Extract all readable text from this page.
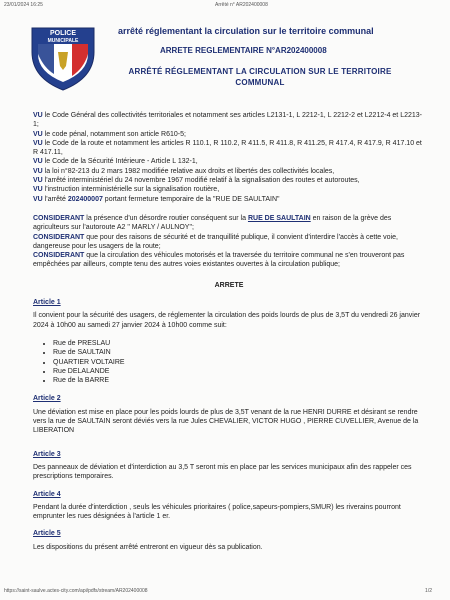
23/01/2024 16:25	Arrêté n° AR202400008
POLICE
MUNICIPALE
arrêté réglementant la circulation sur le territoire communal
ARRETE REGLEMENTAIRE N°AR202400008
ARRÊTÉ RÉGLEMENTANT LA CIRCULATION SUR LE TERRITOIRE COMMUNAL
VU le Code Général des collectivités territoriales et notamment ses articles L2131-1, L 2212-1, L 2212-2 et L2212-4 et L2213-1;
VU le code pénal, notamment son article R610-5;
VU le Code de la route et notamment les articles R 110.1, R 110.2, R 411.5, R 411.8, R 411.25, R 417.4, R 417.9, R 417.10 et R 417.11,
VU le Code de la Sécurité Intérieure - Article L 132-1,
VU la loi n°82-213 du 2 mars 1982 modifiée relative aux droits et libertés des collectivités locales,
VU l'arrêté interministériel du 24 novembre 1967 modifié relatif à la signalisation des routes et autoroutes,
VU l'instruction interministérielle sur la signalisation routière,
VU l'arrêté 202400007 portant fermeture temporaire de la "RUE DE SAULTAIN"
CONSIDERANT la présence d'un désordre routier conséquent sur la RUE DE SAULTAIN en raison de la grève des agriculteurs sur l'autoroute A2 " MARLY / AULNOY";
CONSIDERANT que pour des raisons de sécurité et de tranquillité publique, il convient d'interdire l'accès à cette voie, dangereuse pour les usagers de la route;
CONSIDERANT que la circulation des véhicules motorisés et la traversée du territoire communal ne s'en trouveront pas empêchées par ailleurs, compte tenu des autres voies existantes ouvertes à la circulation publique;
ARRETE
Article 1
Il convient pour la sécurité des usagers, de réglementer la circulation des poids lourds de plus de 3,5T du vendredi 26 janvier 2024 à 10h00 au samedi 27 janvier 2024 à 10h00 comme suit:
• Rue de PRESLAU
• Rue de SAULTAIN
• QUARTIER VOLTAIRE
• Rue DELALANDE
• Rue de la BARRE
Article 2
Une déviation est mise en place pour les poids lourds de plus de 3,5T venant de la rue HENRI DURRE et désirant se rendre vers la rue de SAULTAIN seront déviés vers la rue Jules CHEVALIER, VICTOR HUGO , PIERRE CUVELLIER, Avenue de la LIBERATION
Article 3
Des panneaux de déviation et d'interdiction au 3,5 T seront mis en place par les services municipaux afin des rappeler ces prescriptions temporaires.
Article 4
Pendant la durée d'interdiction , seuls les véhicules prioritaires ( police,sapeurs-pompiers,SMUR) les riverains pourront emprunter les rues désignées à l'article 1 er.
Article 5
Les dispositions du présent arrêté entreront en vigueur dès sa publication.
https://saint-saulve.actes-city.com/api/pdfs/stream/AR202400008	1/2
